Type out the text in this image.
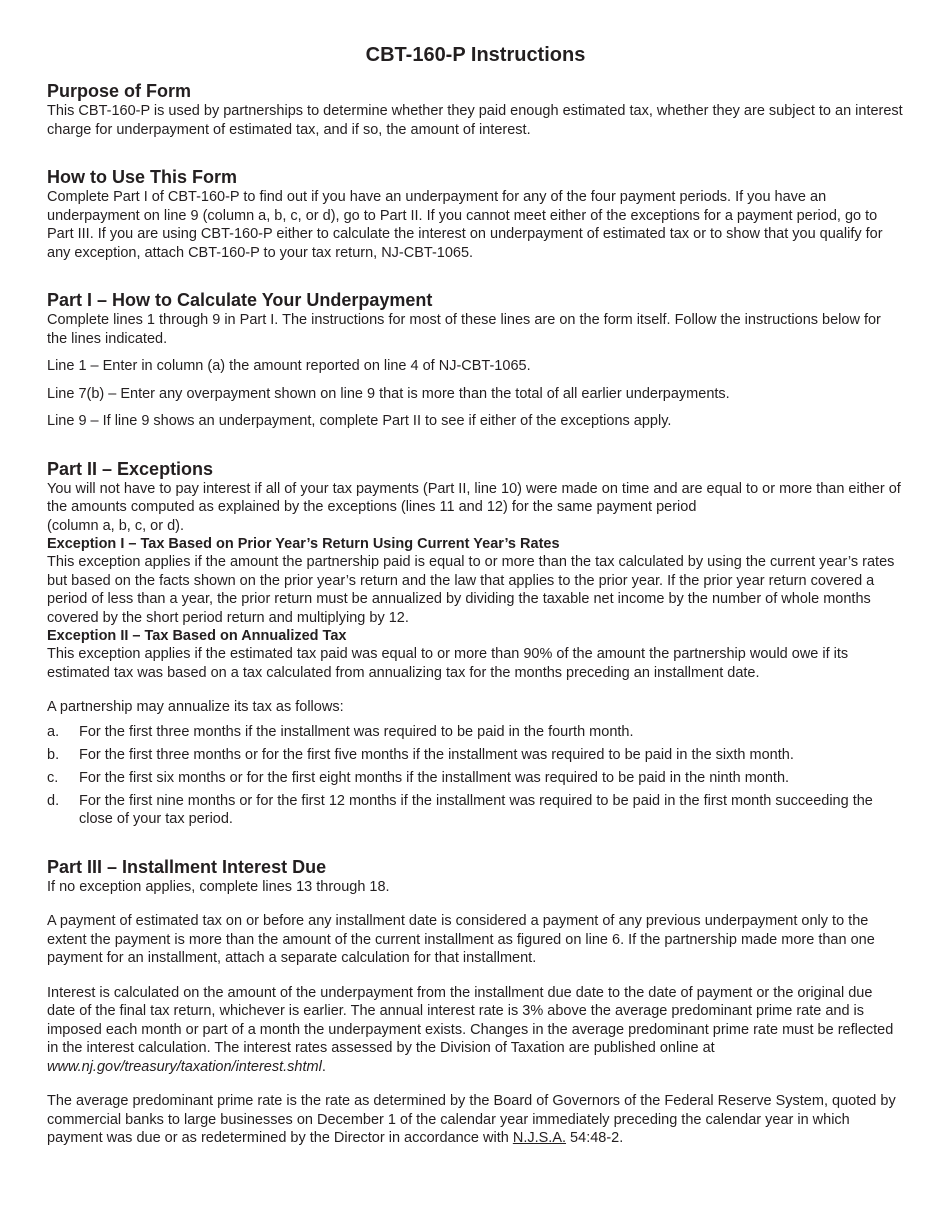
CBT-160-P Instructions
Purpose of Form

This CBT-160-P is used by partnerships to determine whether they paid enough estimated tax, whether they are subject to an interest charge for underpayment of estimated tax, and if so, the amount of interest.

How to Use This Form

Complete Part I of CBT-160-P to find out if you have an underpayment for any of the four payment periods. If you have an underpayment on line 9 (column a, b, c, or d), go to Part II. If you cannot meet either of the exceptions for a payment period, go to Part III. If you are using CBT-160-P either to calculate the interest on underpayment of estimated tax or to show that you qualify for any exception, attach CBT-160-P to your tax return, NJ-CBT-1065.

Part I – How to Calculate Your Underpayment

Complete lines 1 through 9 in Part I. The instructions for most of these lines are on the form itself. Follow the instructions below for the lines indicated.

Line 1 – Enter in column (a) the amount reported on line 4 of NJ-CBT-1065.

Line 7(b) – Enter any overpayment shown on line 9 that is more than the total of all earlier underpayments.

Line 9 – If line 9 shows an underpayment, complete Part II to see if either of the exceptions apply.

Part II – Exceptions

You will not have to pay interest if all of your tax payments (Part II, line 10) were made on time and are equal to or more than either of the amounts computed as explained by the exceptions (lines 11 and 12) for the same payment period
(column a, b, c, or d).

Exception I – Tax Based on Prior Year’s Return Using Current Year’s Rates

This exception applies if the amount the partnership paid is equal to or more than the tax calculated by using the current year’s rates but based on the facts shown on the prior year’s return and the law that applies to the prior year. If the prior year return covered a period of less than a year, the prior return must be annualized by dividing the taxable net income by the number of whole months covered by the short period return and multiplying by 12.

Exception II – Tax Based on Annualized Tax

This exception applies if the estimated tax paid was equal to or more than 90% of the amount the partnership would owe if its estimated tax was based on a tax calculated from annualizing tax for the months preceding an installment date.

A partnership may annualize its tax as follows:

a.	For the first three months if the installment was required to be paid in the fourth month.
b.	For the first three months or for the first five months if the installment was required to be paid in the sixth month.
c.	For the first six months or for the first eight months if the installment was required to be paid in the ninth month.
d.	For the first nine months or for the first 12 months if the installment was required to be paid in the first month succeeding the close of your tax period.
Part III – Installment Interest Due

If no exception applies, complete lines 13 through 18.

A payment of estimated tax on or before any installment date is considered a payment of any previous underpayment only to the extent the payment is more than the amount of the current installment as figured on line 6. If the partnership made more than one payment for an installment, attach a separate calculation for that installment.

Interest is calculated on the amount of the underpayment from the installment due date to the date of payment or the original due date of the final tax return, whichever is earlier. The annual interest rate is 3% above the average predominant prime rate and is imposed each month or part of a month the underpayment exists. Changes in the average predominant prime rate must be reflected in the interest calculation. The interest rates assessed by the Division of Taxation are published online at www.nj.gov/treasury/taxation/interest.shtml.

The average predominant prime rate is the rate as determined by the Board of Governors of the Federal Reserve System, quoted by commercial banks to large businesses on December 1 of the calendar year immediately preceding the calendar year in which payment was due or as redetermined by the Director in accordance with N.J.S.A. 54:48-2.
